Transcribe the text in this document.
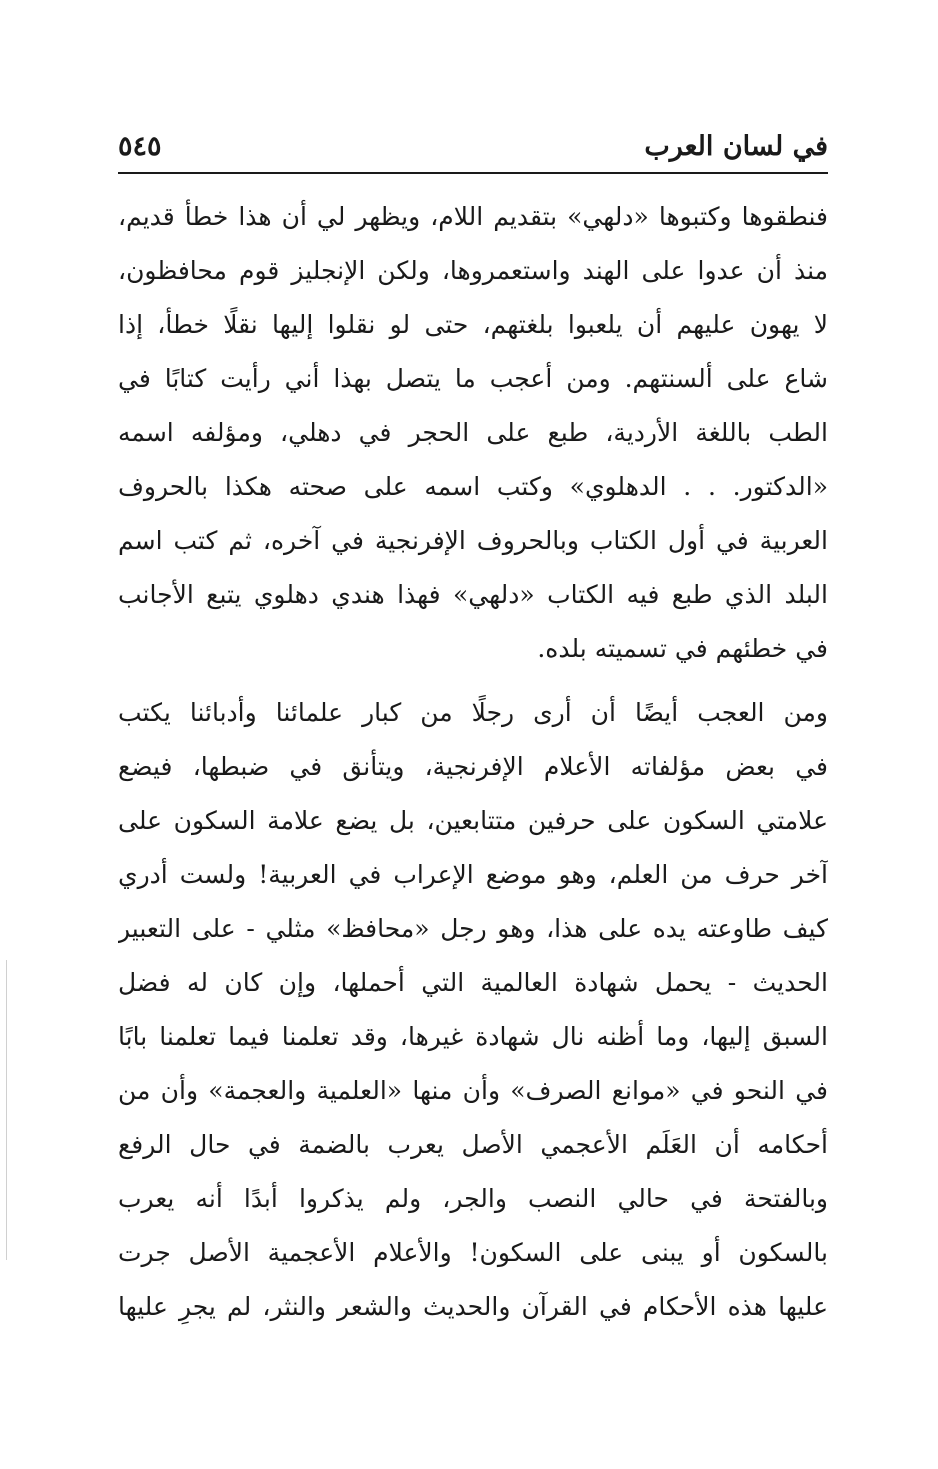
في لسان العرب
٥٤٥
فنطقوها وكتبوها «دلهي» بتقديم اللام، ويظهر لي أن هذا خطأ قديم،
منذ أن عدوا على الهند واستعمروها، ولكن الإنجليز قوم محافظون،
لا يهون عليهم أن يلعبوا بلغتهم، حتى لو نقلوا إليها نقلًا خطأ، إذا
شاع على ألسنتهم. ومن أعجب ما يتصل بهذا أني رأيت كتابًا في
الطب باللغة الأردية، طبع على الحجر في دهلي، ومؤلفه اسمه
«الدكتور. . . الدهلوي» وكتب اسمه على صحته هكذا بالحروف
العربية في أول الكتاب وبالحروف الإفرنجية في آخره، ثم كتب اسم
البلد الذي طبع فيه الكتاب «دلهي» فهذا هندي دهلوي يتبع الأجانب
في خطئهم في تسميته بلده.
ومن العجب أيضًا أن أرى رجلًا من كبار علمائنا وأدبائنا يكتب
في بعض مؤلفاته الأعلام الإفرنجية، ويتأنق في ضبطها، فيضع
علامتي السكون على حرفين متتابعين، بل يضع علامة السكون على
آخر حرف من العلم، وهو موضع الإعراب في العربية! ولست أدري
كيف طاوعته يده على هذا، وهو رجل «محافظ» مثلي - على التعبير
الحديث - يحمل شهادة العالمية التي أحملها، وإن كان له فضل
السبق إليها، وما أظنه نال شهادة غيرها، وقد تعلمنا فيما تعلمنا بابًا
في النحو في «موانع الصرف» وأن منها «العلمية والعجمة» وأن من
أحكامه أن العَلَم الأعجمي الأصل يعرب بالضمة في حال الرفع
وبالفتحة في حالي النصب والجر، ولم يذكروا أبدًا أنه يعرب
بالسكون أو يبنى على السكون! والأعلام الأعجمية الأصل جرت
عليها هذه الأحكام في القرآن والحديث والشعر والنثر، لم يجرِ عليها
